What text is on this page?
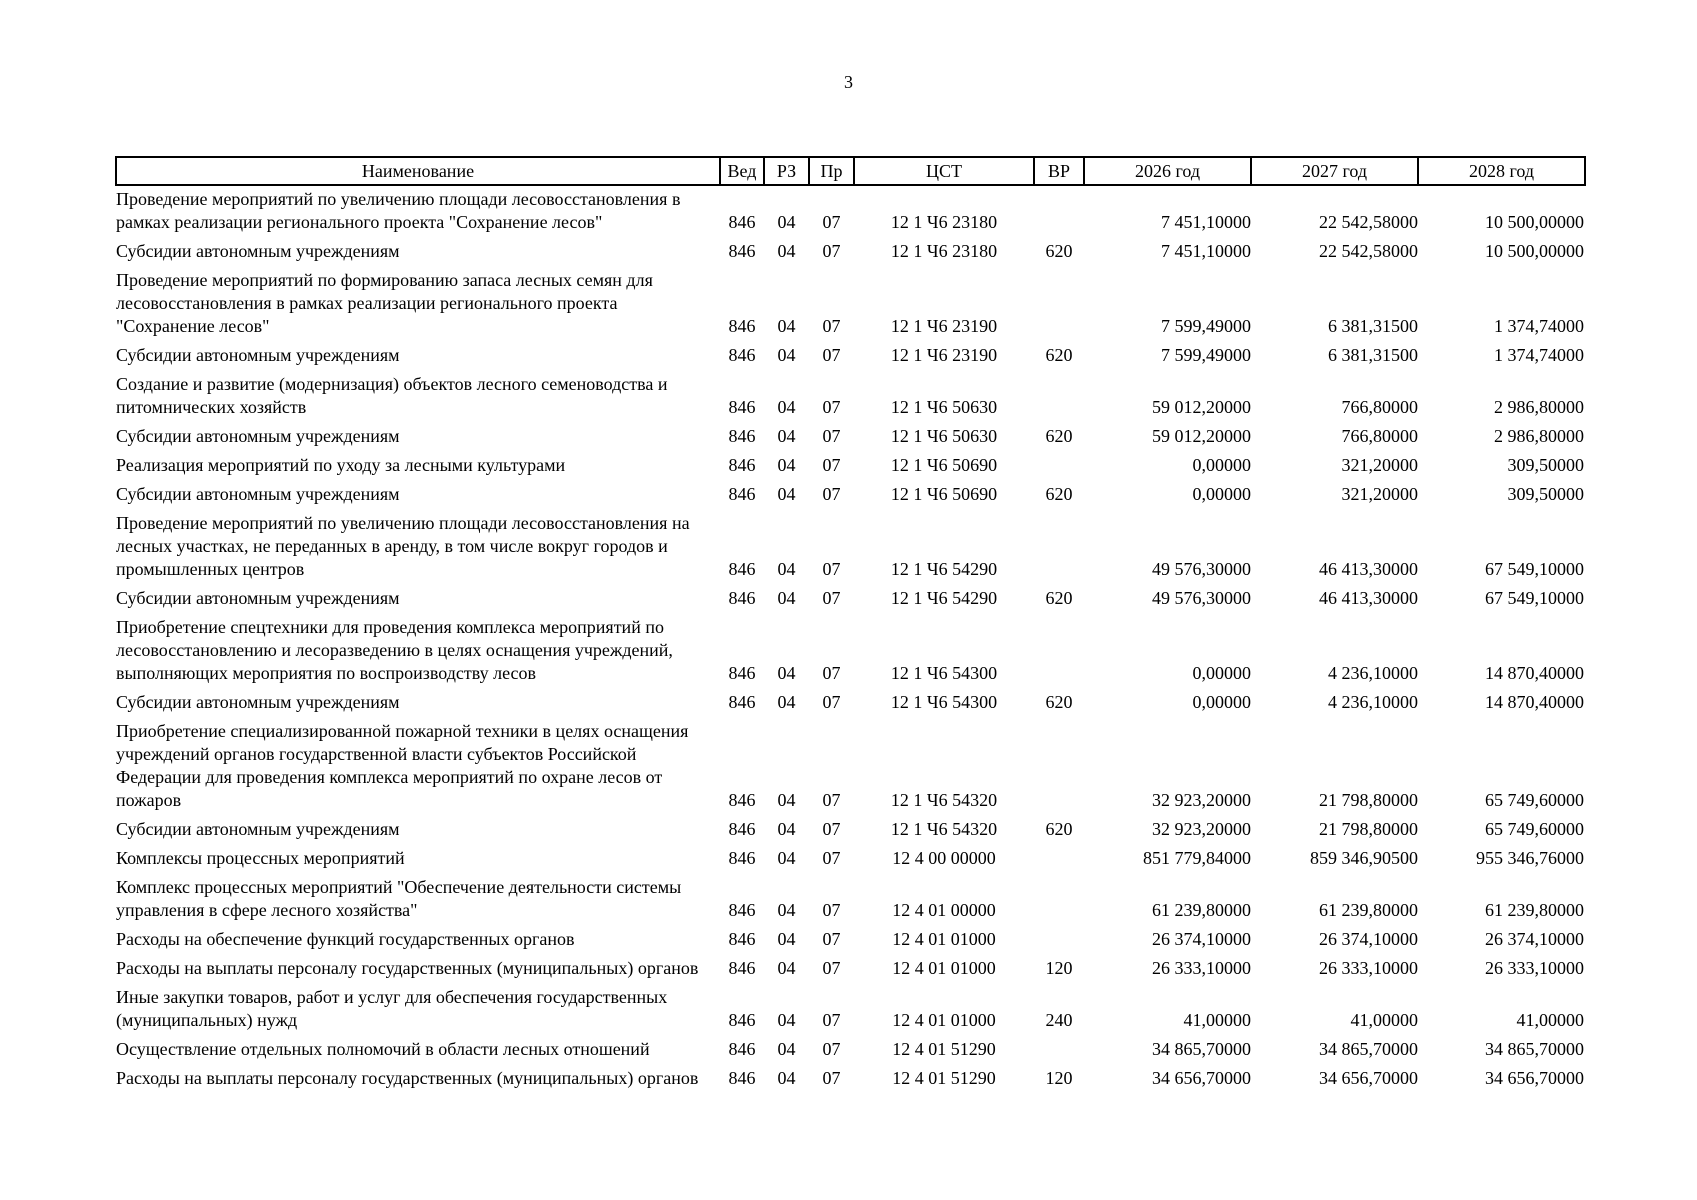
3
Наименование	Вед	РЗ	Пр	ЦСТ	ВР	2026 год	2027 год	2028 год
Проведение мероприятий по увеличению площади лесовосстановления в рамках реализации регионального проекта "Сохранение лесов"	846	04	07	12 1 Ч6 23180		7 451,10000	22 542,58000	10 500,00000
Субсидии автономным учреждениям	846	04	07	12 1 Ч6 23180	620	7 451,10000	22 542,58000	10 500,00000
Проведение мероприятий по формированию запаса лесных семян для лесовосстановления в рамках реализации регионального проекта "Сохранение лесов"	846	04	07	12 1 Ч6 23190		7 599,49000	6 381,31500	1 374,74000
Субсидии автономным учреждениям	846	04	07	12 1 Ч6 23190	620	7 599,49000	6 381,31500	1 374,74000
Создание и развитие (модернизация) объектов лесного семеноводства и питомнических хозяйств	846	04	07	12 1 Ч6 50630		59 012,20000	766,80000	2 986,80000
Субсидии автономным учреждениям	846	04	07	12 1 Ч6 50630	620	59 012,20000	766,80000	2 986,80000
Реализация мероприятий по уходу за лесными культурами	846	04	07	12 1 Ч6 50690		0,00000	321,20000	309,50000
Субсидии автономным учреждениям	846	04	07	12 1 Ч6 50690	620	0,00000	321,20000	309,50000
Проведение мероприятий по увеличению площади лесовосстановления на лесных участках, не переданных в аренду, в том числе вокруг городов и промышленных центров	846	04	07	12 1 Ч6 54290		49 576,30000	46 413,30000	67 549,10000
Субсидии автономным учреждениям	846	04	07	12 1 Ч6 54290	620	49 576,30000	46 413,30000	67 549,10000
Приобретение спецтехники для проведения комплекса мероприятий по лесовосстановлению и лесоразведению в целях оснащения учреждений, выполняющих мероприятия по воспроизводству лесов	846	04	07	12 1 Ч6 54300		0,00000	4 236,10000	14 870,40000
Субсидии автономным учреждениям	846	04	07	12 1 Ч6 54300	620	0,00000	4 236,10000	14 870,40000
Приобретение специализированной пожарной техники в целях оснащения учреждений органов государственной власти субъектов Российской Федерации для проведения комплекса мероприятий по охране лесов от пожаров	846	04	07	12 1 Ч6 54320		32 923,20000	21 798,80000	65 749,60000
Субсидии автономным учреждениям	846	04	07	12 1 Ч6 54320	620	32 923,20000	21 798,80000	65 749,60000
Комплексы процессных мероприятий	846	04	07	12 4 00 00000		851 779,84000	859 346,90500	955 346,76000
Комплекс процессных мероприятий "Обеспечение деятельности системы управления в сфере лесного хозяйства"	846	04	07	12 4 01 00000		61 239,80000	61 239,80000	61 239,80000
Расходы на обеспечение функций государственных органов	846	04	07	12 4 01 01000		26 374,10000	26 374,10000	26 374,10000
Расходы на выплаты персоналу государственных (муниципальных) органов	846	04	07	12 4 01 01000	120	26 333,10000	26 333,10000	26 333,10000
Иные закупки товаров, работ и услуг для обеспечения государственных (муниципальных) нужд	846	04	07	12 4 01 01000	240	41,00000	41,00000	41,00000
Осуществление отдельных полномочий в области лесных отношений	846	04	07	12 4 01 51290		34 865,70000	34 865,70000	34 865,70000
Расходы на выплаты персоналу государственных (муниципальных) органов	846	04	07	12 4 01 51290	120	34 656,70000	34 656,70000	34 656,70000
